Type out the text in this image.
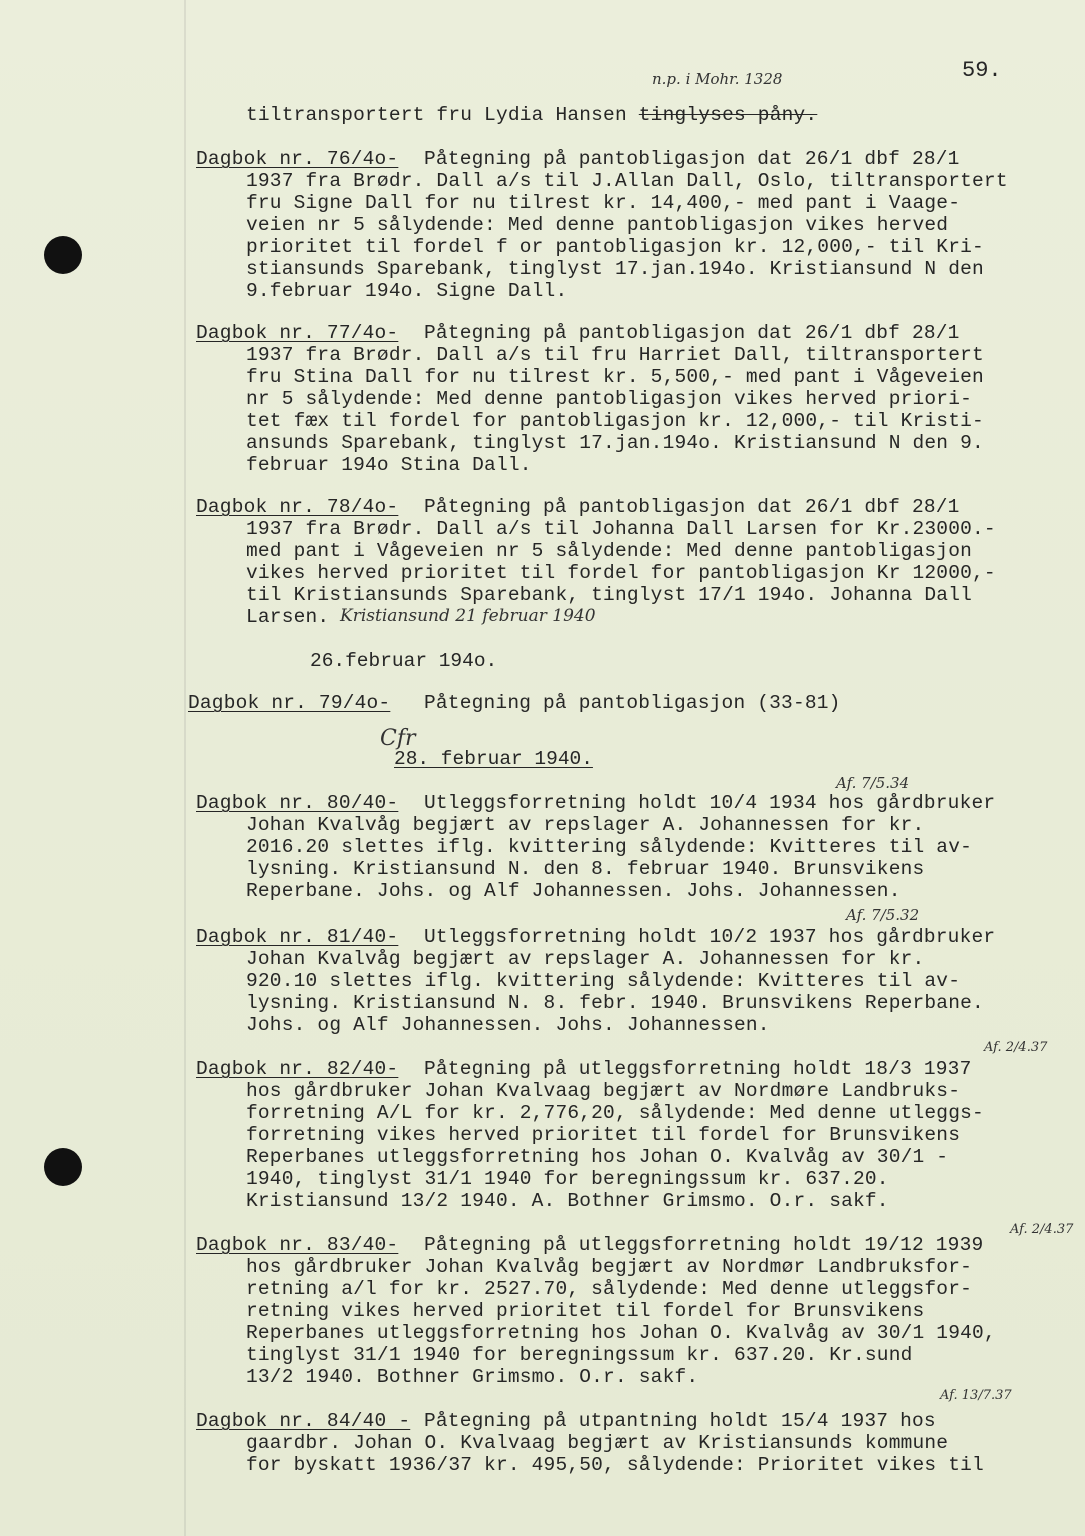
59.
tiltransportert fru Lydia Hansen tinglyses påny.
n.p. i Mohr. 1328
Dagbok nr. 76/4o- Påtegning på pantobligasjon dat 26/1 dbf 28/1
1937 fra Brødr. Dall a/s til J.Allan Dall, Oslo, tiltransportert
fru Signe Dall for nu tilrest kr. 14,400,- med pant i Vaage-
veien nr 5 sålydende: Med denne pantobligasjon vikes herved
prioritet til fordel f or pantobligasjon kr. 12,000,- til Kri-
stiansunds Sparebank, tinglyst 17.jan.194o. Kristiansund N den
9.februar 194o. Signe Dall.
Dagbok nr. 77/4o- Påtegning på pantobligasjon dat 26/1 dbf 28/1
1937 fra Brødr. Dall a/s til fru Harriet Dall, tiltransportert
fru Stina Dall for nu tilrest kr. 5,500,- med pant i Vågeveien
nr 5 sålydende: Med denne pantobligasjon vikes herved priori-
tet fæx til fordel for pantobligasjon kr. 12,000,- til Kristi-
ansunds Sparebank, tinglyst 17.jan.194o. Kristiansund N den 9.
februar 194o Stina Dall.
Dagbok nr. 78/4o- Påtegning på pantobligasjon dat 26/1 dbf 28/1
1937 fra Brødr. Dall a/s til Johanna Dall Larsen for Kr.23000.-
med pant i Vågeveien nr 5 sålydende: Med denne pantobligasjon
vikes herved prioritet til fordel for pantobligasjon Kr 12000,-
til Kristiansunds Sparebank, tinglyst 17/1 194o. Johanna Dall
Larsen. Kristiansund 21 februar 1940
26.februar 194o.
Dagbok nr. 79/4o- Påtegning på pantobligasjon (33-81)
Cfr
28. februar 1940.
Dagbok nr. 80/40- Utleggsforretning holdt 10/4 1934 hos gårdbruker
Af. 7/5.34
Johan Kvalvåg begjært av repslager A. Johannessen for kr.
2016.20 slettes iflg. kvittering sålydende: Kvitteres til av-
lysning. Kristiansund N. den 8. februar 1940. Brunsvikens
Reperbane. Johs. og Alf Johannessen. Johs. Johannessen.
Dagbok nr. 81/40- Utleggsforretning holdt 10/2 1937 hos gårdbruker
Af. 7/5.32
Johan Kvalvåg begjært av repslager A. Johannessen for kr.
920.10 slettes iflg. kvittering sålydende: Kvitteres til av-
lysning. Kristiansund N. 8. febr. 1940. Brunsvikens Reperbane.
Johs. og Alf Johannessen. Johs. Johannessen.
Dagbok nr. 82/40- Påtegning på utleggsforretning holdt 18/3 1937
Af. 2/4.37
hos gårdbruker Johan Kvalvaag begjært av Nordmøre Landbruks-
forretning A/L for kr. 2,776,20, sålydende: Med denne utleggs-
forretning vikes herved prioritet til fordel for Brunsvikens
Reperbanes utleggsforretning hos Johan O. Kvalvåg av 30/1 -
1940, tinglyst 31/1 1940 for beregningssum kr. 637.20.
Kristiansund 13/2 1940. A. Bothner Grimsmo. O.r. sakf.
Dagbok nr. 83/40- Påtegning på utleggsforretning holdt 19/12 1939
Af. 2/4.37
hos gårdbruker Johan Kvalvåg begjært av Nordmør Landbruksfor-
retning a/l for kr. 2527.70, sålydende: Med denne utleggsfor-
retning vikes herved prioritet til fordel for Brunsvikens
Reperbanes utleggsforretning hos Johan O. Kvalvåg av 30/1 1940,
tinglyst 31/1 1940 for beregningssum kr. 637.20. Kr.sund
13/2 1940. Bothner Grimsmo. O.r. sakf.
Dagbok nr. 84/40 - Påtegning på utpantning holdt 15/4 1937 hos
Af. 13/7.37
gaardbr. Johan O. Kvalvaag begjært av Kristiansunds kommune
for byskatt 1936/37 kr. 495,50, sålydende: Prioritet vikes til
